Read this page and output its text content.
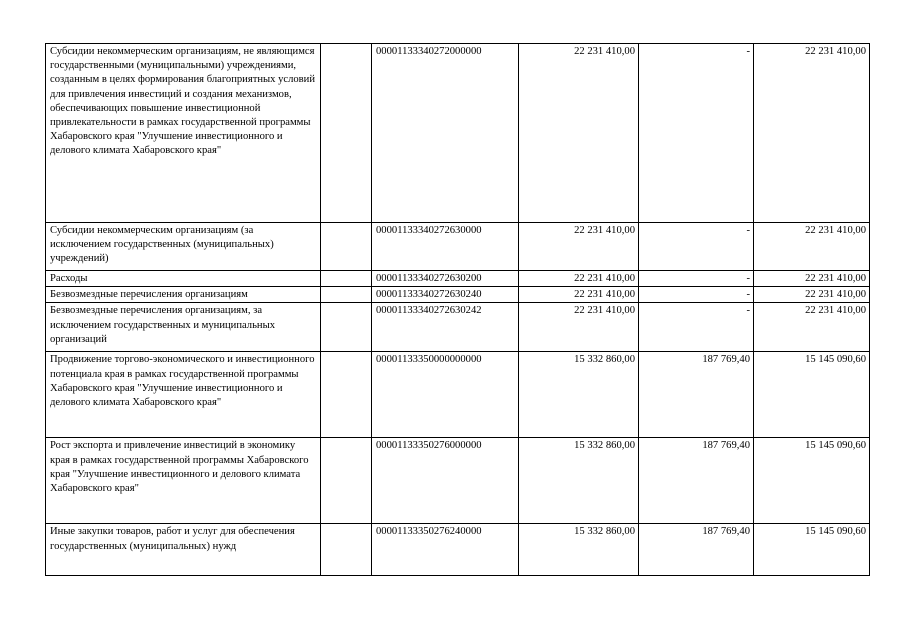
Субсидии некоммерческим организациям, не являющимся государственными (муниципальными) учреждениями, созданным в целях формирования благоприятных условий для привлечения инвестиций и создания механизмов, обеспечивающих повышение инвестиционной привлекательности в рамках государственной программы Хабаровского края "Улучшение инвестиционного и делового климата Хабаровского края"		00001133340272000000	22 231 410,00	-	22 231 410,00
Субсидии некоммерческим организациям (за исключением государственных (муниципальных) учреждений)		00001133340272630000	22 231 410,00	-	22 231 410,00
Расходы		00001133340272630200	22 231 410,00	-	22 231 410,00
Безвозмездные перечисления организациям		00001133340272630240	22 231 410,00	-	22 231 410,00
Безвозмездные перечисления организациям, за исключением государственных и муниципальных организаций		00001133340272630242	22 231 410,00	-	22 231 410,00
Продвижение торгово-экономического и инвестиционного потенциала края в рамках государственной программы Хабаровского края "Улучшение инвестиционного и делового климата Хабаровского края"		00001133350000000000	15 332 860,00	187 769,40	15 145 090,60
Рост экспорта и привлечение инвестиций в экономику края в рамках государственной программы Хабаровского края "Улучшение инвестиционного и делового климата Хабаровского края"		00001133350276000000	15 332 860,00	187 769,40	15 145 090,60
Иные закупки товаров, работ и услуг для обеспечения государственных (муниципальных) нужд		00001133350276240000	15 332 860,00	187 769,40	15 145 090,60
